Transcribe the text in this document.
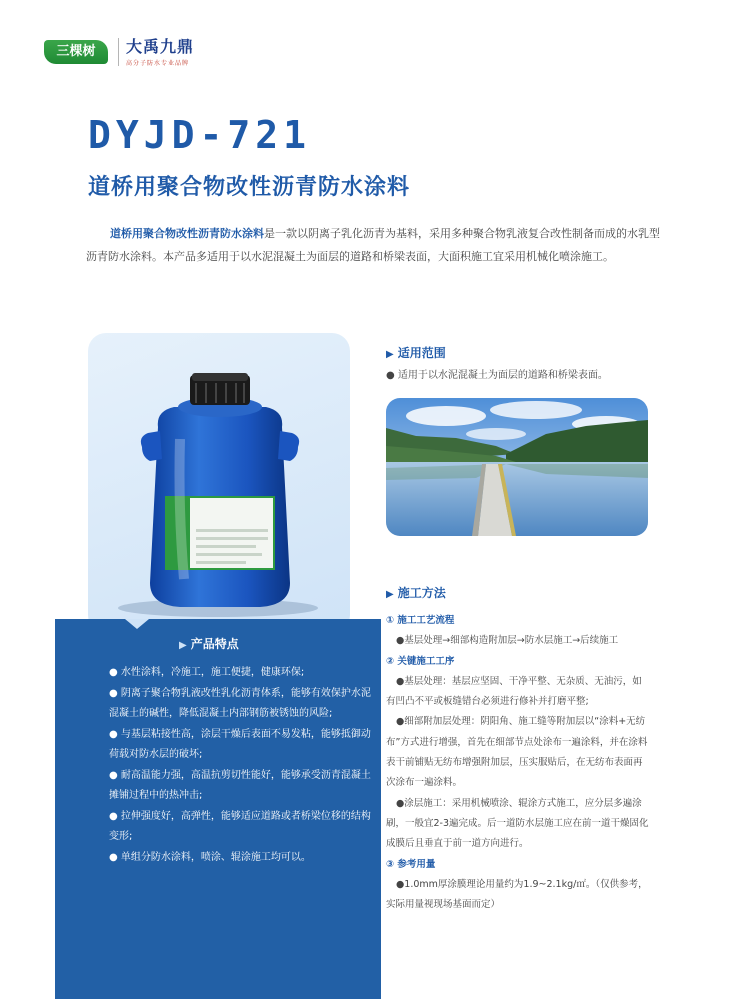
三棵树	大禹九鼎
高分子防水专业品牌
DYJD-721
道桥用聚合物改性沥青防水涂料
道桥用聚合物改性沥青防水涂料是一款以阴离子乳化沥青为基料，采用多种聚合物乳液复合改性制备而成的水乳型沥青防水涂料。本产品多适用于以水泥混凝土为面层的道路和桥梁表面，大面积施工宜采用机械化喷涂施工。
▶ 产品特点
● 水性涂料，冷施工，施工便捷，健康环保;
● 阴离子聚合物乳液改性乳化沥青体系，能够有效保护水泥混凝土的碱性，降低混凝土内部钢筋被锈蚀的风险;
● 与基层粘接性高，涂层干燥后表面不易发粘，能够抵御动荷载对防水层的破坏;
● 耐高温能力强，高温抗剪切性能好，能够承受沥青混凝土摊铺过程中的热冲击;
● 拉伸强度好，高弹性，能够适应道路或者桥梁位移的结构变形;
● 单组分防水涂料，喷涂、辊涂施工均可以。
▶ 适用范围
● 适用于以水泥混凝土为面层的道路和桥梁表面。
▶ 施工方法
① 施工工艺流程
●基层处理→细部构造附加层→防水层施工→后续施工
② 关键施工工序
●基层处理：基层应坚固、干净平整、无杂质、无油污，如有凹凸不平或板缝错台必须进行修补并打磨平整;
●细部附加层处理：阴阳角、施工缝等附加层以“涂料+无纺布”方式进行增强，首先在细部节点处涂布一遍涂料，并在涂料表干前铺贴无纺布增强附加层，压实服贴后，在无纺布表面再次涂布一遍涂料。
●涂层施工：采用机械喷涂、辊涂方式施工，应分层多遍涂刷，一般宜2-3遍完成。后一道防水层施工应在前一道干燥固化成膜后且垂直于前一道方向进行。
③ 参考用量
●1.0mm厚涂膜理论用量约为1.9~2.1kg/㎡。（仅供参考，实际用量视现场基面而定）
